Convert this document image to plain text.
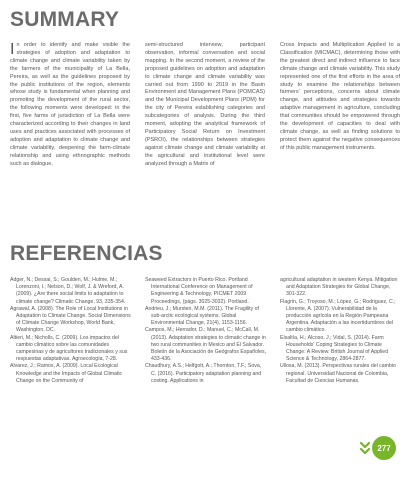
SUMMARY

In order to identify and make visible the strategies of adoption and adaptation to climate change and climate variability taken by the farmers of the municipality of La Bella, Pereira, as well as the guidelines proposed by the public institutions of the region, elements whose study is fundamental when planning and promoting the development of the rural sector, the following moments were developed: in the first, five farms of jurisdiction of La Bella were characterized according to their changes in land uses and practices associated with processes of adoption and adaptation to climate change and climate variability, deepening the farm-climate relationship and using ethnographic methods such as dialogue,

semi-structured interview, participant observation, informal conversation and social mapping. In the second moment, a review of the proposed guidelines on adoption and adaptation to climate change and climate variability was carried out from 1990 to 2019 in the Basin Environment and Management Plans (POMCAS) and the Municipal Development Plans (PDM) for the city of Pereira establishing categories and subcategories of analysis. During the third moment, adopting the analytical framework of Participatory Social Return on Investment (PSROI), the relationships between strategies against climate change and climate variability at the agricultural and institutional level were analyzed through a Matrix of

Cross Impacts and Multiplication Applied to a Classification (MICMAC), determining those with the greatest direct and indirect influence to face climate change and climate variability. This study represented one of the first efforts in the area of study to examine the relationships between farmers' perceptions, concerns about climate change, and attitudes and strategies towards adaptive management in agriculture, concluding that communities should be empowered through the development of capacities to deal with climate change, as well as finding solutions to protect them against the negative consequences of this public management instruments.

REFERENCIAS

Adger, N.; Dessai, S.; Goulden, M.; Hulme, M.; Lorenzoni, I.; Nelson, D.; Wolf, J. & Wreford, A. (2009). ¿Are there social limits to adaptation to climate change? Climatic Change, 93, 335-354.

Agrawal, A. (2008). The Role of Local Institutions in Adaptation to Climate Change. Social Dimensions of Climate Change Workshop, World Bank, Washington, DC.

Altieri, M.; Nicholls, C. (2009). Los impactos del cambio climático sobre las comunidades campesinas y de agricultores tradicionales y sus respuestas adaptativas. Agroecología, 7-28.

Alvarez, J.; Ramos, A. (2009). Local Ecological Knowledge and the Impacts of Global Climatic Change on the Community of

Seaweed Extractors in Puerto Rico. Portland International Conference on Management of Engineering & Technology, PICMET 2009 Proceedings, (págs. 3025-3032). Portland.

Andrieu, J.; Mursten, M.M. (2011). The Fragility of sub-arctic ecological systems. Global Environmental Change, 21(4), 1153-1156.

Campos, M.; Herrador, D.; Manuel, C.; McCall, M. (2013). Adaptation strategies to climatic change in two rural communities in Mexico and El Salvador. Boletín de la Asociación de Geógrafos Españoles, 433-436.

Chaudhury, A.S.; Helfgott, A.; Thornton, T.F.; Sova, C. (2016). Participatory adaptation planning and costing. Applications in

agricultural adaptation in western Kenya. Mitigation and Adaptation Strategies for Global Change, 301-322.

Flagrin, G.; Troyoso, M.; López, G.; Rodriguez, C.; Llorente, A. (2007). Vulnerabilidad de la producción agrícola en la Región Pampeana Argentina. Adaptación a las incertidumbres del cambio climático.

Elsaltía, H.; Alcoso, J.; Vidal, S. (2014). Farm Households' Coping Strategies to Climate Change: A Review. British Journal of Applied Science & Technology, 2864-2877.

Ullosa, M. (2013). Perspectivas rurales del cambio regional. Universidad Nacional de Colombia, Facultad de Ciencias Humanas.

277
